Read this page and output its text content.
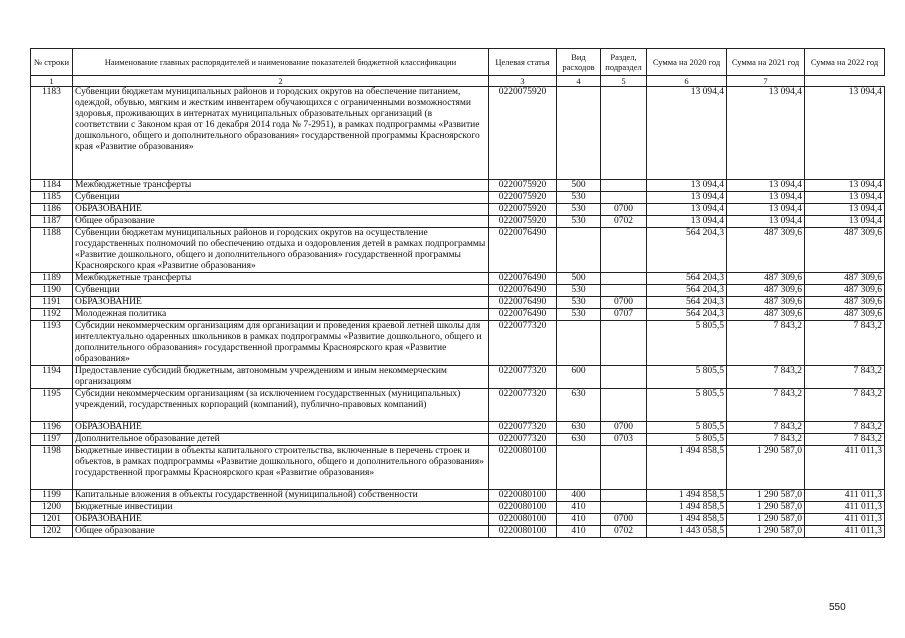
№ строки	Наименование главных распорядителей и наименование показателей бюджетной классификации	Целевая статья	Вид расходов	Раздел, подраздел	Сумма на 2020 год	Сумма на 2021 год	Сумма на 2022 год
1	2	3	4	5	6	7	
1183	Субвенции бюджетам муниципальных районов и городских округов на обеспечение питанием, одеждой, обувью, мягким и жестким инвентарем обучающихся с ограниченными возможностями здоровья, проживающих в интернатах муниципальных образовательных организаций (в соответствии с Законом края от 16 декабря 2014 года № 7-2951), в рамках подпрограммы «Развитие дошкольного, общего и дополнительного образования» государственной программы Красноярского края «Развитие образования»	0220075920			13 094,4	13 094,4	13 094,4
1184	Межбюджетные трансферты	0220075920	500		13 094,4	13 094,4	13 094,4
1185	Субвенции	0220075920	530		13 094,4	13 094,4	13 094,4
1186	ОБРАЗОВАНИЕ	0220075920	530	0700	13 094,4	13 094,4	13 094,4
1187	Общее образование	0220075920	530	0702	13 094,4	13 094,4	13 094,4
1188	Субвенции бюджетам муниципальных районов и городских округов на осуществление государственных полномочий по обеспечению отдыха и оздоровления детей в рамках подпрограммы «Развитие дошкольного, общего и дополнительного образования» государственной программы Красноярского края «Развитие образования»	0220076490			564 204,3	487 309,6	487 309,6
1189	Межбюджетные трансферты	0220076490	500		564 204,3	487 309,6	487 309,6
1190	Субвенции	0220076490	530		564 204,3	487 309,6	487 309,6
1191	ОБРАЗОВАНИЕ	0220076490	530	0700	564 204,3	487 309,6	487 309,6
1192	Молодежная политика	0220076490	530	0707	564 204,3	487 309,6	487 309,6
1193	Субсидии некоммерческим организациям для организации и проведения краевой летней школы для интеллектуально одаренных школьников в рамках подпрограммы «Развитие дошкольного, общего и дополнительного образования» государственной программы Красноярского края «Развитие образования»	0220077320			5 805,5	7 843,2	7 843,2
1194	Предоставление субсидий бюджетным, автономным учреждениям и иным некоммерческим организациям	0220077320	600		5 805,5	7 843,2	7 843,2
1195	Субсидии некоммерческим организациям (за исключением государственных (муниципальных) учреждений, государственных корпораций (компаний), публично-правовых компаний)	0220077320	630		5 805,5	7 843,2	7 843,2
1196	ОБРАЗОВАНИЕ	0220077320	630	0700	5 805,5	7 843,2	7 843,2
1197	Дополнительное образование детей	0220077320	630	0703	5 805,5	7 843,2	7 843,2
1198	Бюджетные инвестиции в объекты капитального строительства, включенные в перечень строек и объектов, в рамках подпрограммы «Развитие дошкольного, общего и дополнительного образования» государственной программы Красноярского края «Развитие образования»	0220080100			1 494 858,5	1 290 587,0	411 011,3
1199	Капитальные вложения в объекты государственной (муниципальной) собственности	0220080100	400		1 494 858,5	1 290 587,0	411 011,3
1200	Бюджетные инвестиции	0220080100	410		1 494 858,5	1 290 587,0	411 011,3
1201	ОБРАЗОВАНИЕ	0220080100	410	0700	1 494 858,5	1 290 587,0	411 011,3
1202	Общее образование	0220080100	410	0702	1 443 058,5	1 290 587,0	411 011,3
550
